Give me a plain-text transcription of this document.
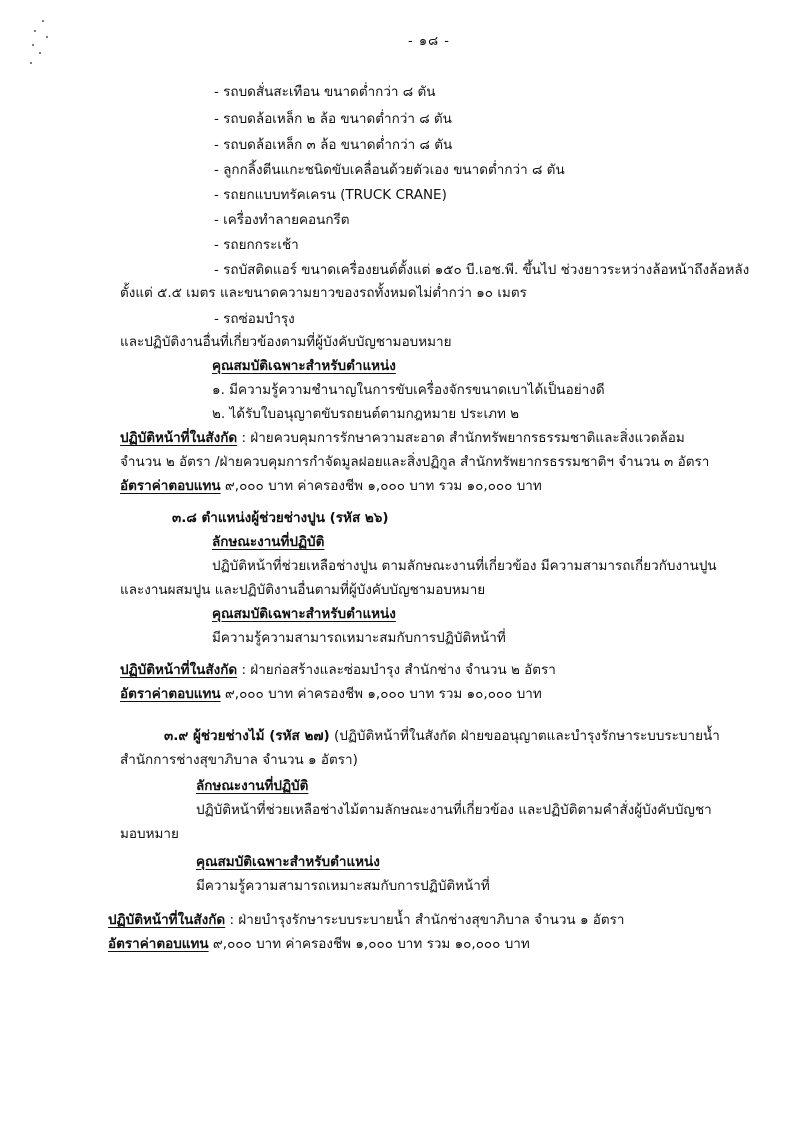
- ๑๘ -
- รถบดสั่นสะเทือน ขนาดต่ำกว่า ๘ ตัน
- รถบดล้อเหล็ก ๒ ล้อ ขนาดต่ำกว่า ๘ ตัน
- รถบดล้อเหล็ก ๓ ล้อ ขนาดต่ำกว่า ๘ ตัน
- ลูกกลิ้งตีนแกะชนิดขับเคลื่อนด้วยตัวเอง ขนาดต่ำกว่า ๘ ตัน
- รถยกแบบทรัคเครน (TRUCK CRANE)
- เครื่องทำลายคอนกรีต
- รถยกกระเช้า
- รถบัสติดแอร์ ขนาดเครื่องยนต์ตั้งแต่ ๑๕๐ บี.เอช.พี. ขึ้นไป ช่วงยาวระหว่างล้อหน้าถึงล้อหลัง
ตั้งแต่ ๕.๕ เมตร และขนาดความยาวของรถทั้งหมดไม่ต่ำกว่า ๑๐ เมตร
- รถซ่อมบำรุง
และปฏิบัติงานอื่นที่เกี่ยวข้องตามที่ผู้บังคับบัญชามอบหมาย
คุณสมบัติเฉพาะสำหรับตำแหน่ง
๑. มีความรู้ความชำนาญในการขับเครื่องจักรขนาดเบาได้เป็นอย่างดี
๒. ได้รับใบอนุญาตขับรถยนต์ตามกฎหมาย ประเภท ๒
ปฏิบัติหน้าที่ในสังกัด : ฝ่ายควบคุมการรักษาความสะอาด สำนักทรัพยากรธรรมชาติและสิ่งแวดล้อม
จำนวน ๒ อัตรา /ฝ่ายควบคุมการกำจัดมูลฝอยและสิ่งปฏิกูล สำนักทรัพยากรธรรมชาติฯ จำนวน ๓ อัตรา
อัตราค่าตอบแทน ๙,๐๐๐ บาท ค่าครองชีพ ๑,๐๐๐ บาท รวม ๑๐,๐๐๐ บาท
๓.๘ ตำแหน่งผู้ช่วยช่างปูน (รหัส ๒๖)
ลักษณะงานที่ปฏิบัติ
ปฏิบัติหน้าที่ช่วยเหลือช่างปูน ตามลักษณะงานที่เกี่ยวข้อง มีความสามารถเกี่ยวกับงานปูน
และงานผสมปูน และปฏิบัติงานอื่นตามที่ผู้บังคับบัญชามอบหมาย
คุณสมบัติเฉพาะสำหรับตำแหน่ง
มีความรู้ความสามารถเหมาะสมกับการปฏิบัติหน้าที่
ปฏิบัติหน้าที่ในสังกัด : ฝ่ายก่อสร้างและซ่อมบำรุง สำนักช่าง จำนวน ๒ อัตรา
อัตราค่าตอบแทน ๙,๐๐๐ บาท ค่าครองชีพ ๑,๐๐๐ บาท รวม ๑๐,๐๐๐ บาท
๓.๙ ผู้ช่วยช่างไม้ (รหัส ๒๗) (ปฏิบัติหน้าที่ในสังกัด ฝ่ายขออนุญาตและบำรุงรักษาระบบระบายน้ำ
สำนักการช่างสุขาภิบาล จำนวน ๑ อัตรา)
ลักษณะงานที่ปฏิบัติ
ปฏิบัติหน้าที่ช่วยเหลือช่างไม้ตามลักษณะงานที่เกี่ยวข้อง และปฏิบัติตามคำสั่งผู้บังคับบัญชา
มอบหมาย
คุณสมบัติเฉพาะสำหรับตำแหน่ง
มีความรู้ความสามารถเหมาะสมกับการปฏิบัติหน้าที่
ปฏิบัติหน้าที่ในสังกัด : ฝ่ายบำรุงรักษาระบบระบายน้ำ สำนักช่างสุขาภิบาล จำนวน ๑ อัตรา
อัตราค่าตอบแทน ๙,๐๐๐ บาท ค่าครองชีพ ๑,๐๐๐ บาท รวม ๑๐,๐๐๐ บาท
